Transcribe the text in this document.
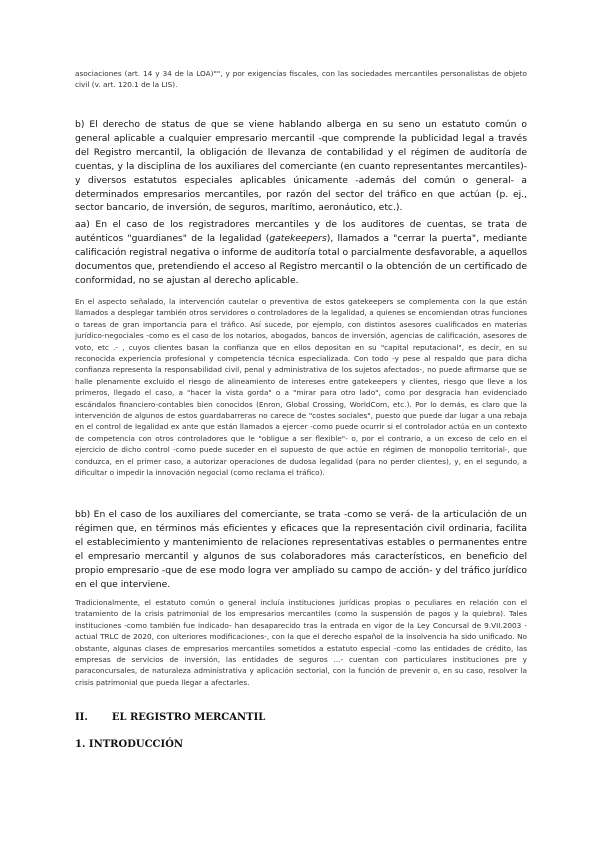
asociaciones (art. 14 y 34 de la LOA)"", y por exigencias fiscales, con las sociedades mercantiles personalistas de objeto civil (v. art. 120.1 de la LIS).

b) El derecho de status de que se viene hablando alberga en su seno un estatuto común o general aplicable a cualquier empresario mercantil -que comprende la publicidad legal a través del Registro mercantil, la obligación de llevanza de contabilidad y el régimen de auditoría de cuentas, y la disciplina de los auxiliares del comerciante (en cuanto representantes mercantiles)- y diversos estatutos especiales aplicables únicamente -además del común o general- a determinados empresarios mercantiles, por razón del sector del tráfico en que actúan (p. ej., sector bancario, de inversión, de seguros, marítimo, aeronáutico, etc.).

aa) En el caso de los registradores mercantiles y de los auditores de cuentas, se trata de auténticos "guardianes" de la legalidad (gatekeepers), llamados a "cerrar la puerta", mediante calificación registral negativa o informe de auditoría total o parcialmente desfavorable, a aquellos documentos que, pretendiendo el acceso al Registro mercantil o la obtención de un certificado de conformidad, no se ajustan al derecho aplicable.

En el aspecto señalado, la intervención cautelar o preventiva de estos gatekeepers se complementa con la que están llamados a desplegar también otros servidores o controladores de la legalidad, a quienes se encomiendan otras funciones o tareas de gran importancia para el tráfico. Así sucede, por ejemplo, con distintos asesores cualificados en materias jurídico-negociales -como es el caso de los notarios, abogados, bancos de inversión, agencias de calificación, asesores de voto, etc .- , cuyos clientes basan la confianza que en ellos depositan en su "capital reputacional", es decir, en su reconocida experiencia profesional y competencia técnica especializada. Con todo -y pese al respaldo que para dicha confianza representa la responsabilidad civil, penal y administrativa de los sujetos afectados-, no puede afirmarse que se halle plenamente excluido el riesgo de alineamiento de intereses entre gatekeepers y clientes, riesgo que lleve a los primeros, llegado el caso, a "hacer la vista gorda" o a "mirar para otro lado", como por desgracia han evidenciado escándalos financiero-contables bien conocidos (Enron, Global Crossing, WorldCom, etc.). Por lo demás, es claro que la intervención de algunos de estos guardabarreras no carece de "costes sociales", puesto que puede dar lugar a una rebaja en el control de legalidad ex ante que están llamados a ejercer -como puede ocurrir si el controlador actúa en un contexto de competencia con otros controladores que le "obligue a ser flexible"- o, por el contrario, a un exceso de celo en el ejercicio de dicho control -como puede suceder en el supuesto de que actúe en régimen de monopolio territorial-, que conduzca, en el primer caso, a autorizar operaciones de dudosa legalidad (para no perder clientes), y, en el segundo, a dificultar o impedir la innovación negocial (como reclama el tráfico).

bb) En el caso de los auxiliares del comerciante, se trata -como se verá- de la articulación de un régimen que, en términos más eficientes y eficaces que la representación civil ordinaria, facilita el establecimiento y mantenimiento de relaciones representativas estables o permanentes entre el empresario mercantil y algunos de sus colaboradores más característicos, en beneficio del propio empresario -que de ese modo logra ver ampliado su campo de acción- y del tráfico jurídico en el que interviene.

Tradicionalmente, el estatuto común o general incluía instituciones jurídicas propias o peculiares en relación con el tratamiento de la crisis patrimonial de los empresarios mercantiles (como la suspensión de pagos y la quiebra). Tales instituciones -como también fue indicado- han desaparecido tras la entrada en vigor de la Ley Concursal de 9.VII.2003 -actual TRLC de 2020, con ulteriores modificaciones-, con la que el derecho español de la insolvencia ha sido unificado. No obstante, algunas clases de empresarios mercantiles sometidos a estatuto especial -como las entidades de crédito, las empresas de servicios de inversión, las entidades de seguros ...- cuentan con particulares instituciones pre y paraconcursales, de naturaleza administrativa y aplicación sectorial, con la función de prevenir o, en su caso, resolver la crisis patrimonial que pueda llegar a afectarles.

II. EL REGISTRO MERCANTIL
1. INTRODUCCIÓN
